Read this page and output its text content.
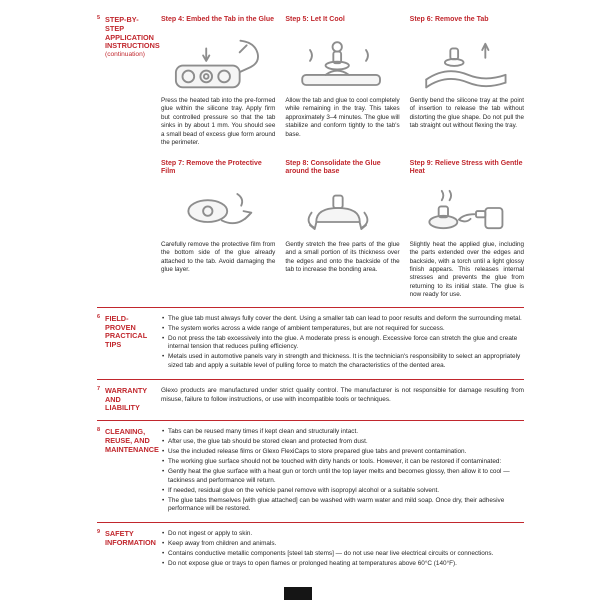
5 STEP-BY-STEP APPLICATION INSTRUCTIONS
(continuation)
Step 4: Embed the Tab in the Glue
Press the heated tab into the pre-formed glue within the silicone tray. Apply firm but controlled pressure so that the tab sinks in by about 1 mm. You should see a small bead of excess glue form around the perimeter.
Step 5: Let It Cool
Allow the tab and glue to cool completely while remaining in the tray. This takes approximately 3–4 minutes. The glue will stabilize and conform tightly to the tab's base.
Step 6: Remove the Tab
Gently bend the silicone tray at the point of insertion to release the tab without distorting the glue shape. Do not pull the tab straight out without flexing the tray.
Step 7: Remove the Protective Film
Carefully remove the protective film from the bottom side of the glue already attached to the tab. Avoid damaging the glue layer.
Step 8: Consolidate the Glue around the base
Gently stretch the free parts of the glue and a small portion of its thickness over the edges and onto the backside of the tab to increase the bonding area.
Step 9: Relieve Stress with Gentle Heat
Slightly heat the applied glue, including the parts extended over the edges and backside, with a torch until a light glossy finish appears. This releases internal stresses and prevents the glue from returning to its initial state. The glue is now ready for use.
6 FIELD-PROVEN PRACTICAL TIPS
• The glue tab must always fully cover the dent. Using a smaller tab can lead to poor results and deform the surrounding metal.
• The system works across a wide range of ambient temperatures, but are not required for success.
• Do not press the tab excessively into the glue. A moderate press is enough. Excessive force can stretch the glue and create internal tension that reduces pulling efficiency.
• Metals used in automotive panels vary in strength and thickness. It is the technician's responsibility to select an appropriately sized tab and apply a suitable level of pulling force to match the characteristics of the dented area.
7 WARRANTY AND LIABILITY

Glexo products are manufactured under strict quality control. The manufacturer is not responsible for damage resulting from misuse, failure to follow instructions, or use with incompatible tools or techniques.

8 CLEANING, REUSE, AND MAINTENANCE
• Tabs can be reused many times if kept clean and structurally intact.
• After use, the glue tab should be stored clean and protected from dust.
• Use the included release films or Glexo FlexiCaps to store prepared glue tabs and prevent contamination.
• The working glue surface should not be touched with dirty hands or tools. However, it can be restored if contaminated:
• Gently heat the glue surface with a heat gun or torch until the top layer melts and becomes glossy, then allow it to cool — tackiness and performance will return.
• If needed, residual glue on the vehicle panel remove with isopropyl alcohol or a suitable solvent.
• The glue tabs themselves [with glue attached] can be washed with warm water and mild soap. Once dry, their adhesive performance will be restored.
9 SAFETY INFORMATION
• Do not ingest or apply to skin.
• Keep away from children and animals.
• Contains conductive metallic components [steel tab stems] — do not use near live electrical circuits or connections.
• Do not expose glue or trays to open flames or prolonged heating at temperatures above 60°C (140°F).
